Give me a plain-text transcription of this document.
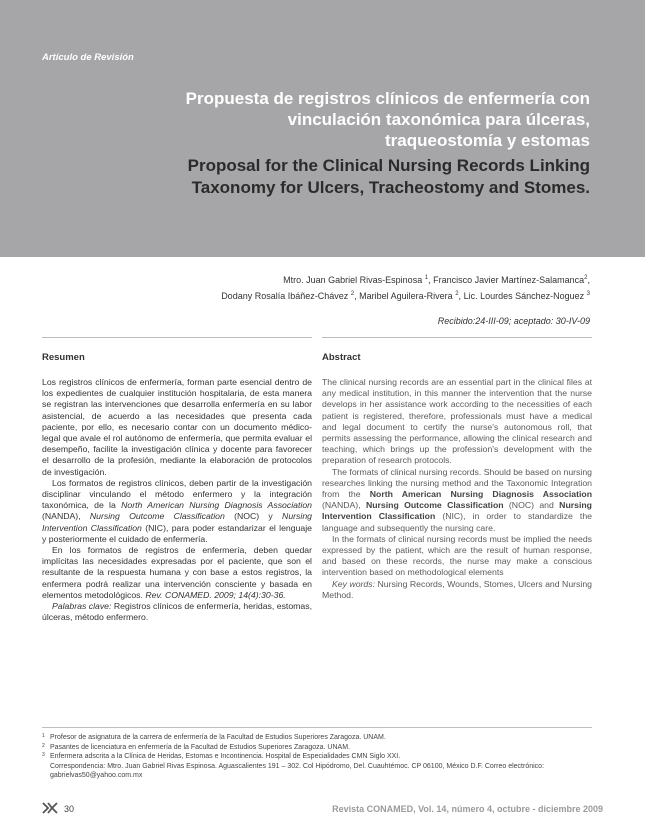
Artículo de Revisión
Propuesta de registros clínicos de enfermería con
vinculación taxonómica para úlceras,
traqueostomía y estomas
Proposal for the Clinical Nursing Records Linking
Taxonomy for Ulcers, Tracheostomy and Stomes.
Mtro. Juan Gabriel Rivas-Espinosa $^1$, Francisco Javier Martínez-Salamanca$^2$,
Dodany Rosalía Ibáñez-Chávez $^2$, Maribel Aguilera-Rivera $^2$, Lic. Lourdes Sánchez-Noguez $^3$
Recibido:24-III-09; aceptado: 30-IV-09
Resumen	Abstract

Los registros clínicos de enfermería, forman parte esencial dentro de los expedientes de cualquier institución hospitalaria, de esta manera se registran las intervenciones que desarrolla enfermería en su labor asistencial, de acuerdo a las necesidades que presenta cada paciente, por ello, es necesario contar con un documento médico-legal que avale el rol autónomo de enfermería, que permita evaluar el desempeño, facilite la investigación clínica y docente para favorecer el desarrollo de la profesión, mediante la elaboración de protocolos de investigación.

Los formatos de registros clínicos, deben partir de la investigación disciplinar vinculando el método enfermero y la integración taxonómica, de la North American Nursing Diagnosis Association (NANDA), Nursing Outcome Classification (NOC) y Nursing Intervention Classification (NIC), para poder estandarizar el lenguaje y posteriormente el cuidado de enfermería.

En los formatos de registros de enfermería, deben quedar implícitas las necesidades expresadas por el paciente, que son el resultante de la respuesta humana y con base a estos registros, la enfermera podrá realizar una intervención consciente y basada en elementos metodológicos. Rev. CONAMED. 2009; 14(4):30-36.

Palabras clave: Registros clínicos de enfermería, heridas, estomas, úlceras, método enfermero.

The clinical nursing records are an essential part in the clinical files at any medical institution, in this manner the intervention that the nurse develops in her assistance work according to the necessities of each patient is registered, therefore, professionals must have a medical and legal document to certify the nurse's autonomous roll, that permits assessing the performance, allowing the clinical research and teaching, which brings up the profession's development with the preparation of research protocols.

The formats of clinical nursing records. Should be based on nursing researches linking the nursing method and the Taxonomic Integration from the North American Nursing Diagnosis Association (NANDA), Nursing Outcome Classification (NOC) and Nursing Intervention Classification (NIC), in order to standardize the language and subsequently the nursing care.

In the formats of clinical nursing records must be implied the needs expressed by the patient, which are the result of human response, and based on these records, the nurse may make a conscious intervention based on methodological elements

Key words: Nursing Records, Wounds, Stomes, Ulcers and Nursing Method.

1 Profesor de asignatura de la carrera de enfermería de la Facultad de Estudios Superiores Zaragoza. UNAM.
2 Pasantes de licenciatura en enfermería de la Facultad de Estudios Superiores Zaragoza. UNAM.
3 Enfermera adscrita a la Clínica de Heridas, Estomas e Incontinencia. Hospital de Especialidades CMN Siglo XXI.
Correspondencia: Mtro. Juan Gabriel Rivas Espinosa. Aguascalientes 191 – 302. Col Hipódromo, Del. Cuauhtémoc. CP 06100, México D.F. Correo electrónico: gabrielvas50@yahoo.com.mx
30	Revista CONAMED, Vol. 14, número 4, octubre - diciembre 2009
